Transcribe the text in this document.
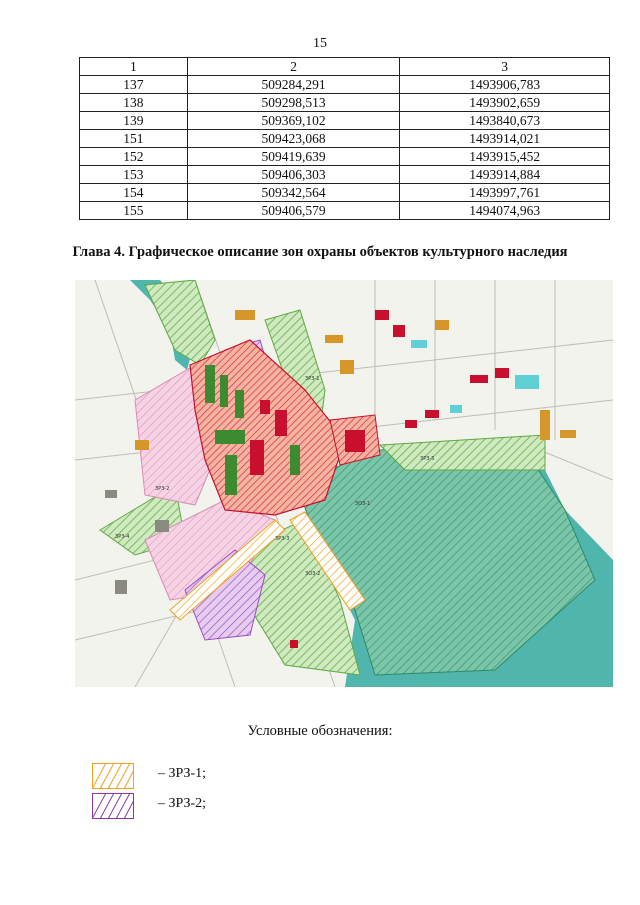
15
1	2	3
137	509284,291	1493906,783
138	509298,513	1493902,659
139	509369,102	1493840,673
151	509423,068	1493914,021
152	509419,639	1493915,452
153	509406,303	1493914,884
154	509342,564	1493997,761
155	509406,579	1494074,963
Глава 4. Графическое описание зон охраны объектов культурного наследия
ЗРЗ-1
ЗРЗ-2
ЗРЗ-3
ЗРЗ-4
ЗРЗ-5
ЗОЗ-1
ЗОЗ-2
Условные обозначения:
– ЗРЗ-1;
– ЗРЗ-2;
